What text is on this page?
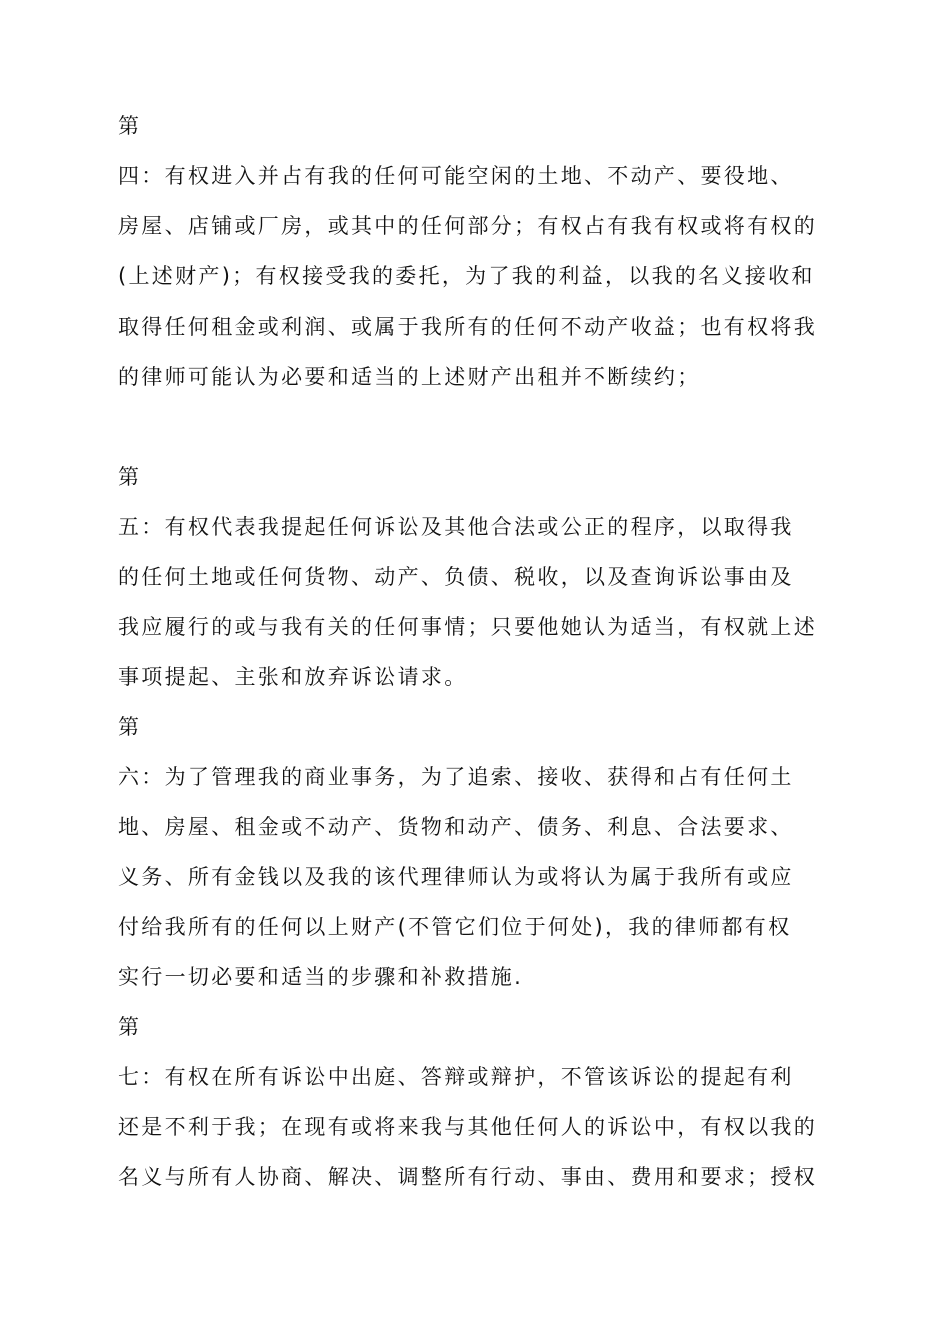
第
四：有权进入并占有我的任何可能空闲的土地、不动产、要役地、
房屋、店铺或厂房，或其中的任何部分；有权占有我有权或将有权的
(上述财产)；有权接受我的委托，为了我的利益，以我的名义接收和
取得任何租金或利润、或属于我所有的任何不动产收益；也有权将我
的律师可能认为必要和适当的上述财产出租并不断续约；
第
五：有权代表我提起任何诉讼及其他合法或公正的程序，以取得我
的任何土地或任何货物、动产、负债、税收，以及查询诉讼事由及
我应履行的或与我有关的任何事情；只要他她认为适当，有权就上述
事项提起、主张和放弃诉讼请求。
第
六：为了管理我的商业事务，为了追索、接收、获得和占有任何土
地、房屋、租金或不动产、货物和动产、债务、利息、合法要求、
义务、所有金钱以及我的该代理律师认为或将认为属于我所有或应
付给我所有的任何以上财产(不管它们位于何处)，我的律师都有权
实行一切必要和适当的步骤和补救措施.
第
七：有权在所有诉讼中出庭、答辩或辩护，不管该诉讼的提起有利
还是不利于我；在现有或将来我与其他任何人的诉讼中，有权以我的
名义与所有人协商、解决、调整所有行动、事由、费用和要求；授权
